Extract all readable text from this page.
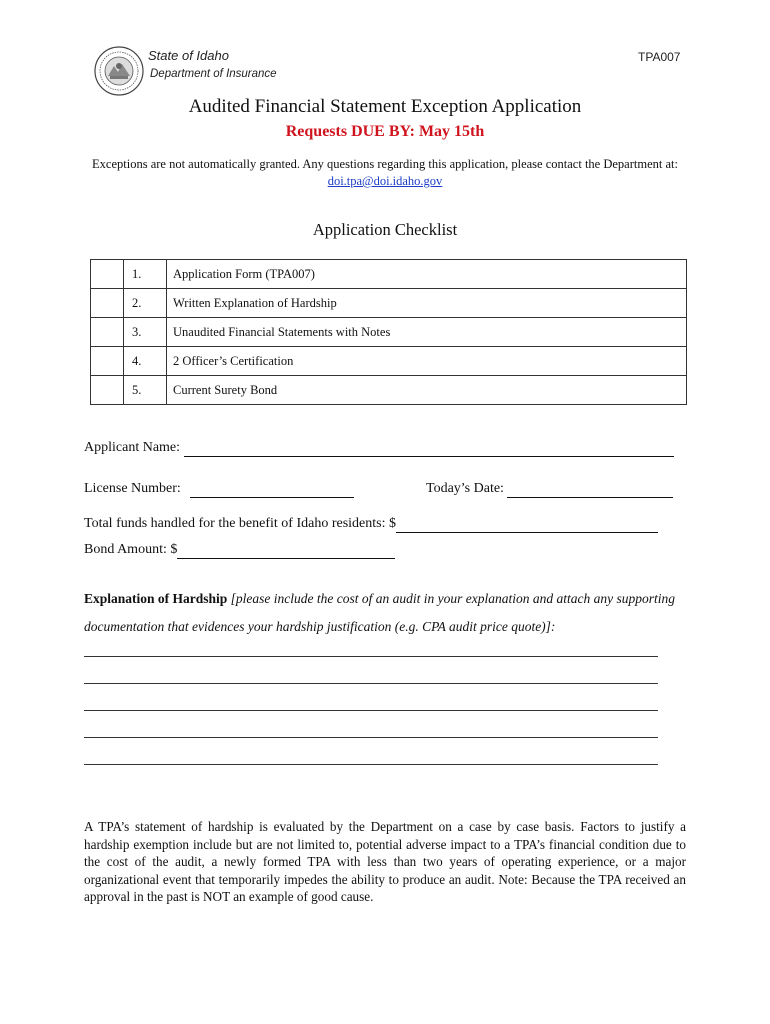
State of Idaho
Department of Insurance
TPA007
Audited Financial Statement Exception Application
Requests DUE BY: May 15th
Exceptions are not automatically granted. Any questions regarding this application, please contact the Department at: doi.tpa@doi.idaho.gov
Application Checklist
	1.	Application Form (TPA007)
	2.	Written Explanation of Hardship
	3.	Unaudited Financial Statements with Notes
	4.	2 Officer’s Certification
	5.	Current Surety Bond
Applicant Name:
License Number:	Today’s Date:
Total funds handled for the benefit of Idaho residents: $
Bond Amount: $
Explanation of Hardship [please include the cost of an audit in your explanation and attach any supporting documentation that evidences your hardship justification (e.g. CPA audit price quote)]:
A TPA’s statement of hardship is evaluated by the Department on a case by case basis. Factors to justify a hardship exemption include but are not limited to, potential adverse impact to a TPA’s financial condition due to the cost of the audit, a newly formed TPA with less than two years of operating experience, or a major organizational event that temporarily impedes the ability to produce an audit. Note: Because the TPA received an approval in the past is NOT an example of good cause.
